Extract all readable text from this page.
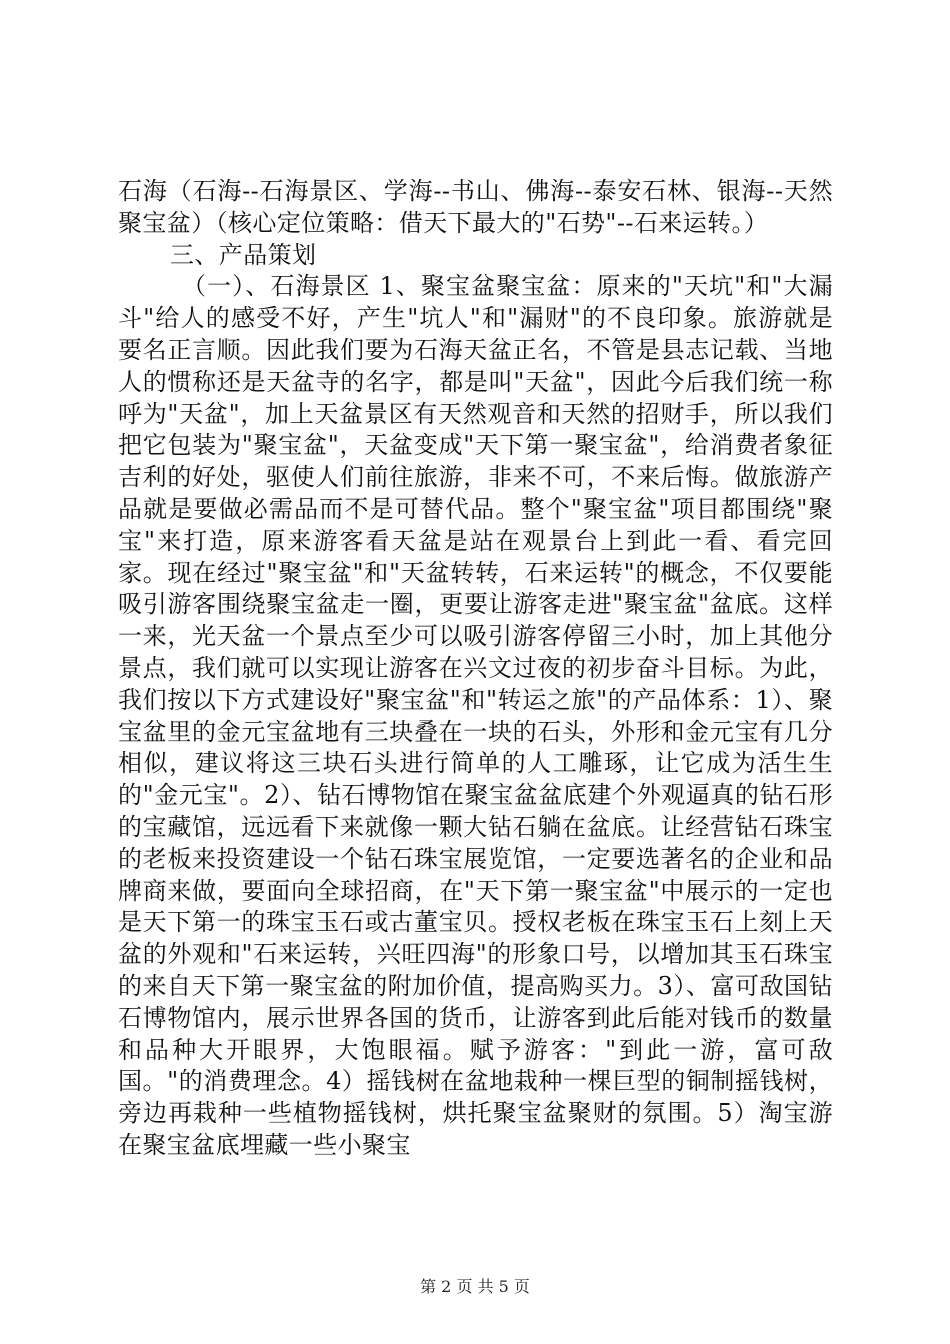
石海（石海--石海景区、学海--书山、佛海--泰安石林、银海--天然聚宝盆）（核心定位策略：借天下最大的"石势"--石来运转。）

三、产品策划

（一）、石海景区 1、聚宝盆聚宝盆：原来的"天坑"和"大漏斗"给人的感受不好，产生"坑人"和"漏财"的不良印象。旅游就是要名正言顺。因此我们要为石海天盆正名，不管是县志记载、当地人的惯称还是天盆寺的名字，都是叫"天盆"，因此今后我们统一称呼为"天盆"，加上天盆景区有天然观音和天然的招财手，所以我们把它包装为"聚宝盆"，天盆变成"天下第一聚宝盆"，给消费者象征吉利的好处，驱使人们前往旅游，非来不可，不来后悔。做旅游产品就是要做必需品而不是可替代品。整个"聚宝盆"项目都围绕"聚宝"来打造，原来游客看天盆是站在观景台上到此一看、看完回家。现在经过"聚宝盆"和"天盆转转，石来运转"的概念，不仅要能吸引游客围绕聚宝盆走一圈，更要让游客走进"聚宝盆"盆底。这样一来，光天盆一个景点至少可以吸引游客停留三小时，加上其他分景点，我们就可以实现让游客在兴文过夜的初步奋斗目标。为此，我们按以下方式建设好"聚宝盆"和"转运之旅"的产品体系：1）、聚宝盆里的金元宝盆地有三块叠在一块的石头，外形和金元宝有几分相似，建议将这三块石头进行简单的人工雕琢，让它成为活生生的"金元宝"。2）、钻石博物馆在聚宝盆盆底建个外观逼真的钻石形的宝藏馆，远远看下来就像一颗大钻石躺在盆底。让经营钻石珠宝的老板来投资建设一个钻石珠宝展览馆，一定要选著名的企业和品牌商来做，要面向全球招商，在"天下第一聚宝盆"中展示的一定也是天下第一的珠宝玉石或古董宝贝。授权老板在珠宝玉石上刻上天盆的外观和"石来运转，兴旺四海"的形象口号，以增加其玉石珠宝的来自天下第一聚宝盆的附加价值，提高购买力。3）、富可敌国钻石博物馆内，展示世界各国的货币，让游客到此后能对钱币的数量和品种大开眼界，大饱眼福。赋予游客："到此一游，富可敌国。"的消费理念。4）摇钱树在盆地栽种一棵巨型的铜制摇钱树，旁边再栽种一些植物摇钱树，烘托聚宝盆聚财的氛围。5）淘宝游在聚宝盆底埋藏一些小聚宝

第 2 页 共 5 页
